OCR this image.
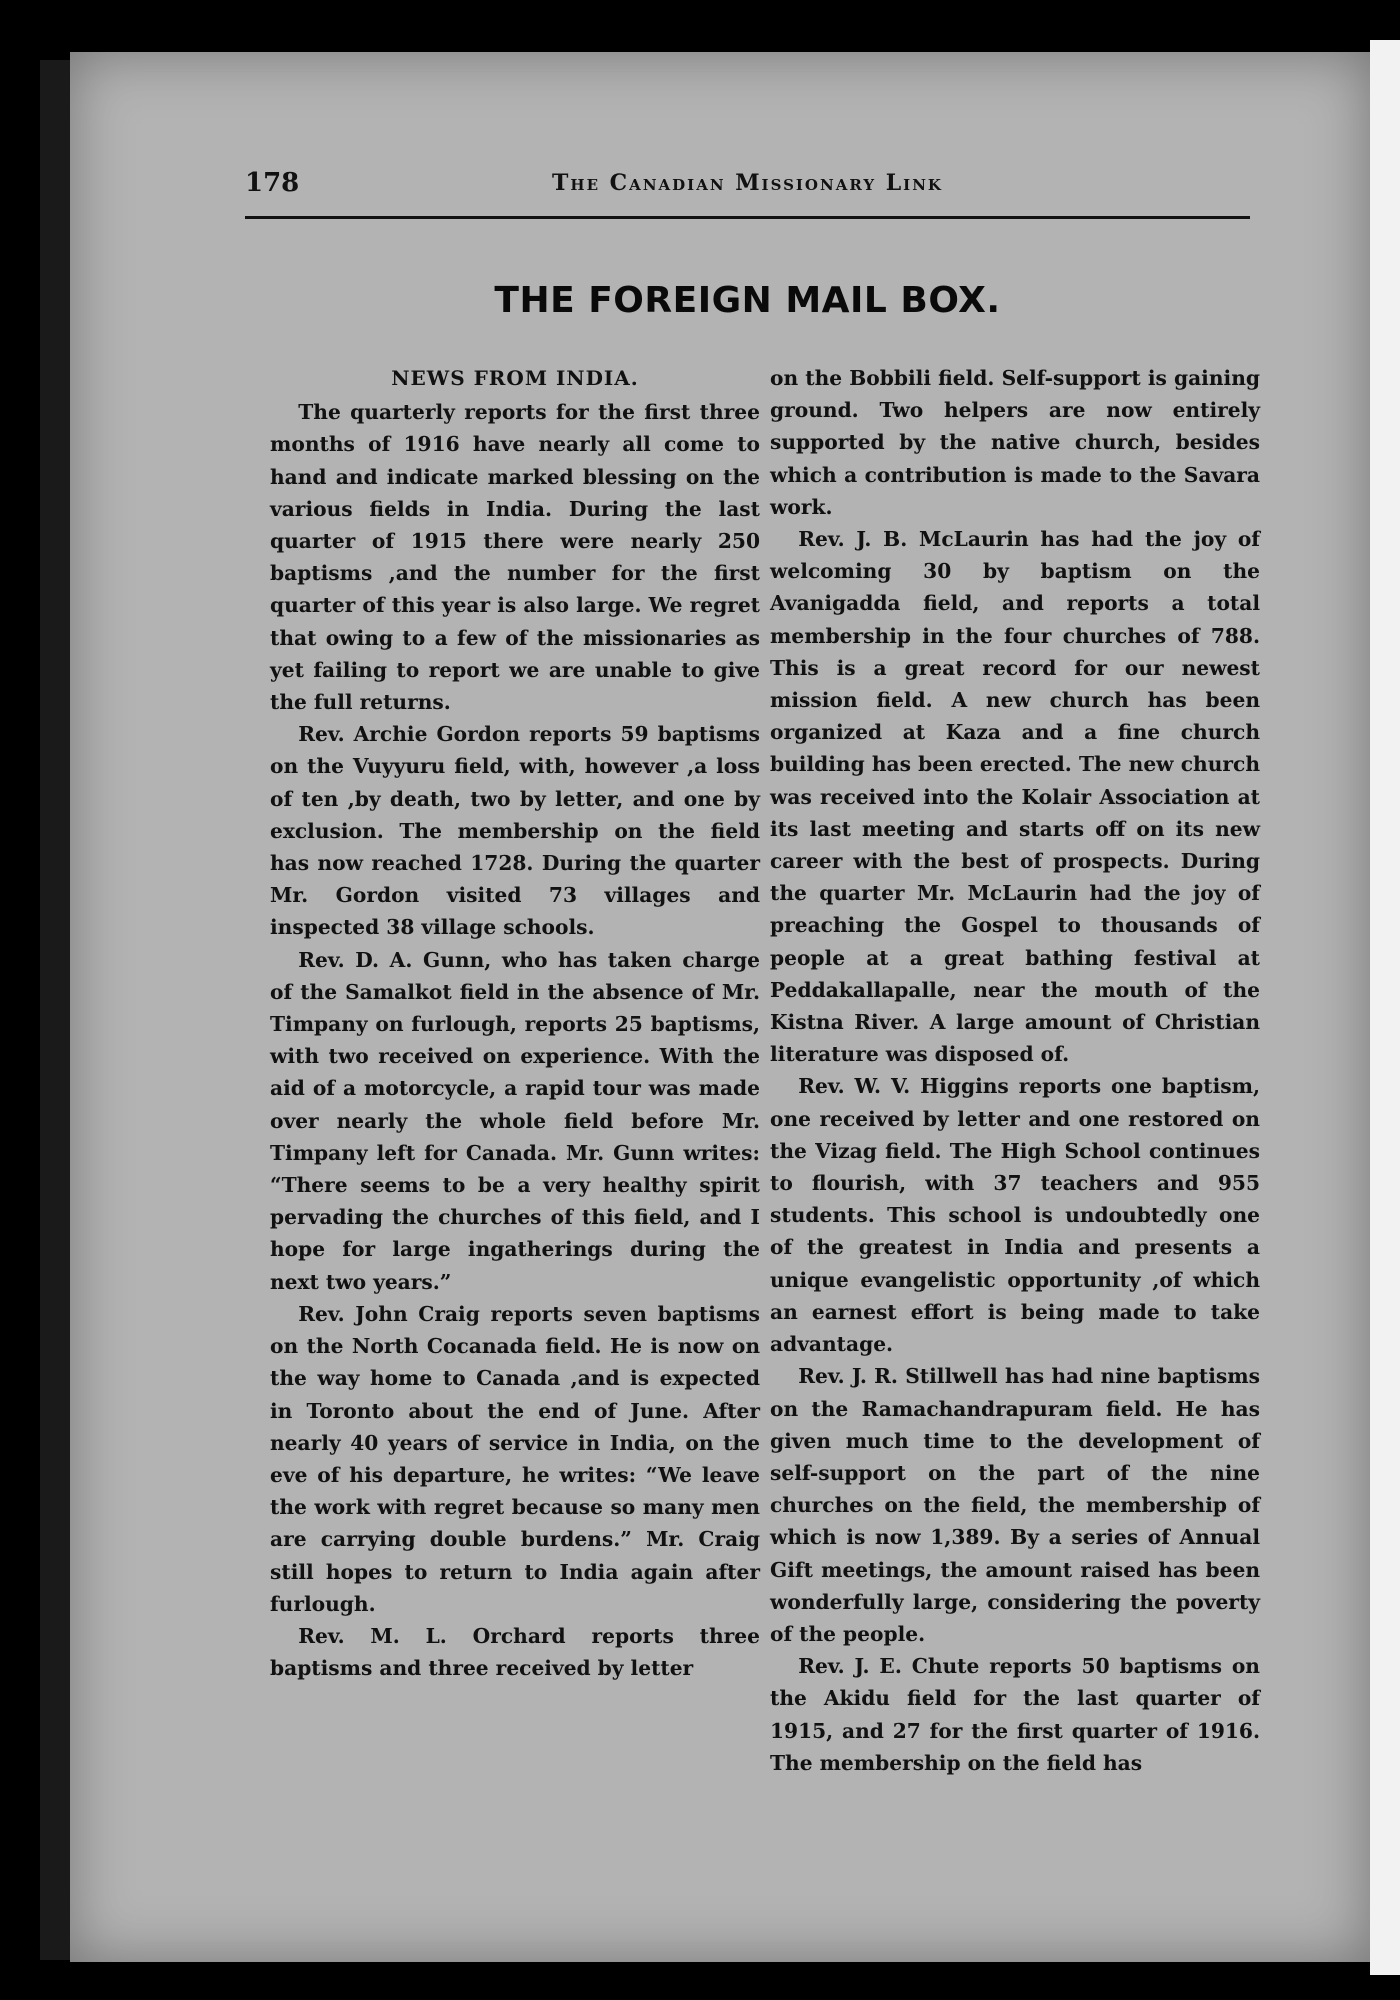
178	The Canadian Missionary Link
THE FOREIGN MAIL BOX.
NEWS FROM INDIA.

The quarterly reports for the first three months of 1916 have nearly all come to hand and indicate marked blessing on the various fields in India. During the last quarter of 1915 there were nearly 250 baptisms ,and the number for the first quarter of this year is also large. We regret that owing to a few of the missionaries as yet failing to report we are unable to give the full returns.

Rev. Archie Gordon reports 59 baptisms on the Vuyyuru field, with, however ,a loss of ten ,by death, two by letter, and one by exclusion. The membership on the field has now reached 1728. During the quarter Mr. Gordon visited 73 villages and inspected 38 village schools.

Rev. D. A. Gunn, who has taken charge of the Samalkot field in the absence of Mr. Timpany on furlough, reports 25 baptisms, with two received on experience. With the aid of a motorcycle, a rapid tour was made over nearly the whole field before Mr. Timpany left for Canada. Mr. Gunn writes: “There seems to be a very healthy spirit pervading the churches of this field, and I hope for large ingatherings during the next two years.”

Rev. John Craig reports seven baptisms on the North Cocanada field. He is now on the way home to Canada ,and is expected in Toronto about the end of June. After nearly 40 years of service in India, on the eve of his departure, he writes: “We leave the work with regret because so many men are carrying double burdens.” Mr. Craig still hopes to return to India again after furlough.

Rev. M. L. Orchard reports three baptisms and three received by letter

on the Bobbili field. Self-support is gaining ground. Two helpers are now entirely supported by the native church, besides which a contribution is made to the Savara work.

Rev. J. B. McLaurin has had the joy of welcoming 30 by baptism on the Avanigadda field, and reports a total membership in the four churches of 788. This is a great record for our newest mission field. A new church has been organized at Kaza and a fine church building has been erected. The new church was received into the Kolair Association at its last meeting and starts off on its new career with the best of prospects. During the quarter Mr. McLaurin had the joy of preaching the Gospel to thousands of people at a great bathing festival at Peddakallapalle, near the mouth of the Kistna River. A large amount of Christian literature was disposed of.

Rev. W. V. Higgins reports one baptism, one received by letter and one restored on the Vizag field. The High School continues to flourish, with 37 teachers and 955 students. This school is undoubtedly one of the greatest in India and presents a unique evangelistic opportunity ,of which an earnest effort is being made to take advantage.

Rev. J. R. Stillwell has had nine baptisms on the Ramachandrapuram field. He has given much time to the development of self-support on the part of the nine churches on the field, the membership of which is now 1,389. By a series of Annual Gift meetings, the amount raised has been wonderfully large, considering the poverty of the people.

Rev. J. E. Chute reports 50 baptisms on the Akidu field for the last quarter of 1915, and 27 for the first quarter of 1916. The membership on the field has
